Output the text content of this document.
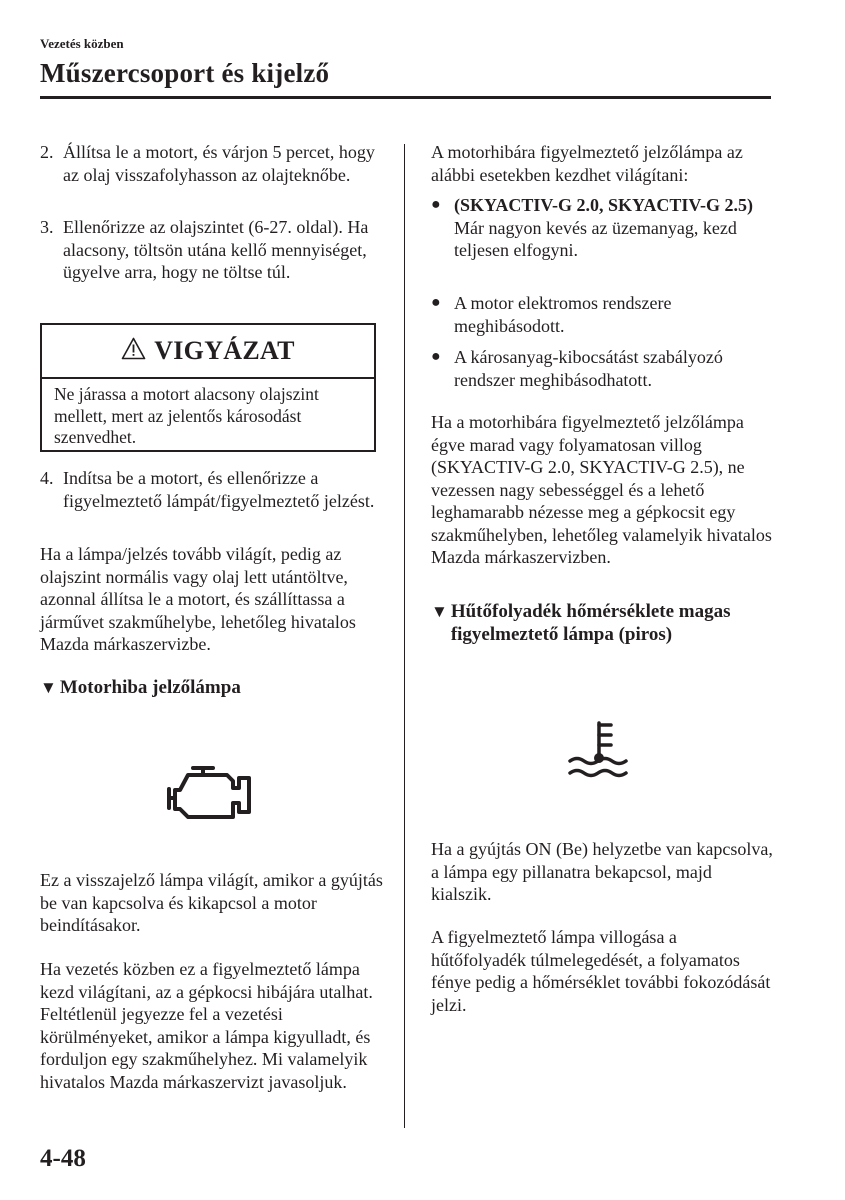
Vezetés közben
Műszercsoport és kijelző
2. Állítsa le a motort, és várjon 5 percet, hogy az olaj visszafolyhasson az olajteknőbe.
3. Ellenőrizze az olajszintet (6-27. oldal). Ha alacsony, töltsön utána kellő mennyiséget, ügyelve arra, hogy ne töltse túl.
VIGYÁZAT
Ne járassa a motort alacsony olajszint mellett, mert az jelentős károsodást szenvedhet.
4. Indítsa be a motort, és ellenőrizze a figyelmeztető lámpát/figyelmeztető jelzést.
Ha a lámpa/jelzés tovább világít, pedig az olajszint normális vagy olaj lett utántöltve, azonnal állítsa le a motort, és szállíttassa a járművet szakműhelybe, lehetőleg hivatalos Mazda márkaszervizbe.
▼ Motorhiba jelzőlámpa
Ez a visszajelző lámpa világít, amikor a gyújtás be van kapcsolva és kikapcsol a motor beindításakor.
Ha vezetés közben ez a figyelmeztető lámpa kezd világítani, az a gépkocsi hibájára utalhat. Feltétlenül jegyezze fel a vezetési körülményeket, amikor a lámpa kigyulladt, és forduljon egy szakműhelyhez. Mi valamelyik hivatalos Mazda márkaszervizt javasoljuk.
A motorhibára figyelmeztető jelzőlámpa az alábbi esetekben kezdhet világítani:
● (SKYACTIV-G 2.0, SKYACTIV-G 2.5)
Már nagyon kevés az üzemanyag, kezd teljesen elfogyni.
● A motor elektromos rendszere meghibásodott.
● A károsanyag-kibocsátást szabályozó rendszer meghibásodhatott.
Ha a motorhibára figyelmeztető jelzőlámpa égve marad vagy folyamatosan villog (SKYACTIV-G 2.0, SKYACTIV-G 2.5), ne vezessen nagy sebességgel és a lehető leghamarabb nézesse meg a gépkocsit egy szakműhelyben, lehetőleg valamelyik hivatalos Mazda márkaszervizben.
▼ Hűtőfolyadék hőmérséklete magas figyelmeztető lámpa (piros)
Ha a gyújtás ON (Be) helyzetbe van kapcsolva, a lámpa egy pillanatra bekapcsol, majd kialszik.
A figyelmeztető lámpa villogása a hűtőfolyadék túlmelegedését, a folyamatos fénye pedig a hőmérséklet további fokozódását jelzi.
4-48
